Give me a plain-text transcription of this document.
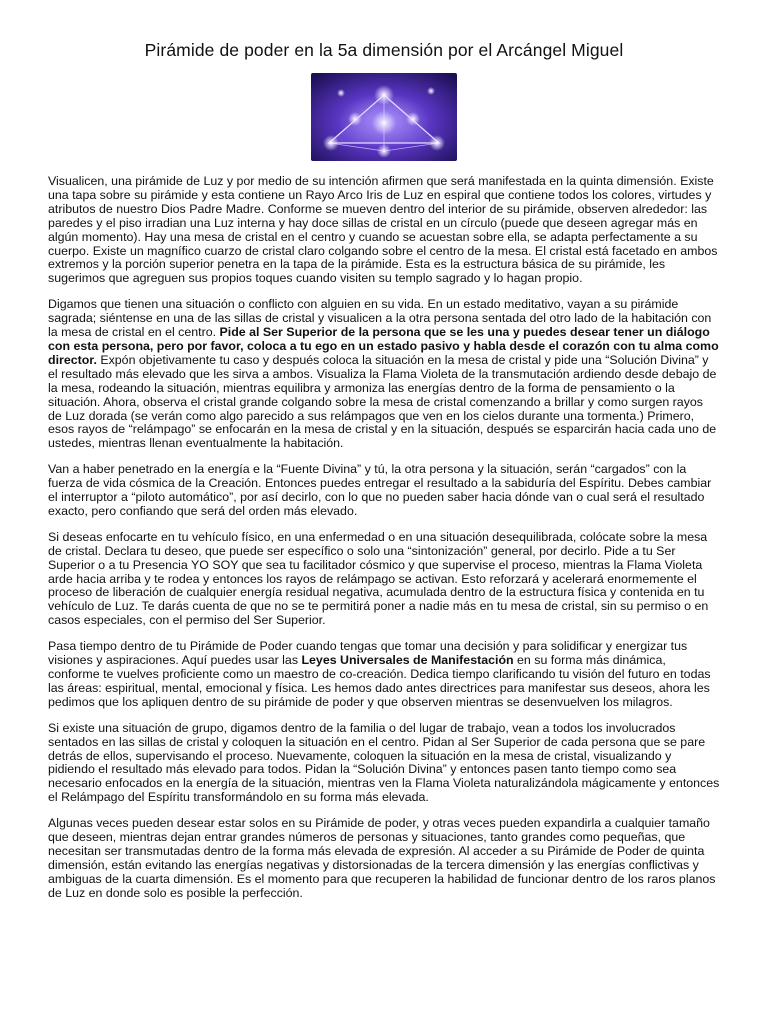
Pirámide de poder en la 5a dimensión por el Arcángel Miguel

Visualicen, una pirámide de Luz y por medio de su intención afirmen que será manifestada en la quinta dimensión. Existe una tapa sobre su pirámide y esta contiene un Rayo Arco Iris de Luz en espiral que contiene todos los colores, virtudes y atributos de nuestro Dios Padre Madre. Conforme se mueven dentro del interior de su pirámide, observen alrededor: las paredes y el piso irradian una Luz interna y hay doce sillas de cristal en un círculo (puede que deseen agregar más en algún momento). Hay una mesa de cristal en el centro y cuando se acuestan sobre ella, se adapta perfectamente a su cuerpo. Existe un magnífico cuarzo de cristal claro colgando sobre el centro de la mesa. El cristal está facetado en ambos extremos y la porción superior penetra en la tapa de la pirámide. Esta es la estructura básica de su pirámide, les sugerimos que agreguen sus propios toques cuando visiten su templo sagrado y lo hagan propio.

Digamos que tienen una situación o conflicto con alguien en su vida. En un estado meditativo, vayan a su pirámide sagrada; siéntense en una de las sillas de cristal y visualicen a la otra persona sentada del otro lado de la habitación con la mesa de cristal en el centro. Pide al Ser Superior de la persona que se les una y puedes desear tener un diálogo con esta persona, pero por favor, coloca a tu ego en un estado pasivo y habla desde el corazón con tu alma como director. Expón objetivamente tu caso y después coloca la situación en la mesa de cristal y pide una “Solución Divina” y el resultado más elevado que les sirva a ambos. Visualiza la Flama Violeta de la transmutación ardiendo desde debajo de la mesa, rodeando la situación, mientras equilibra y armoniza las energías dentro de la forma de pensamiento o la situación. Ahora, observa el cristal grande colgando sobre la mesa de cristal comenzando a brillar y como surgen rayos de Luz dorada (se verán como algo parecido a sus relámpagos que ven en los cielos durante una tormenta.) Primero, esos rayos de “relámpago” se enfocarán en la mesa de cristal y en la situación, después se esparcirán hacia cada uno de ustedes, mientras llenan eventualmente la habitación.

Van a haber penetrado en la energía e la “Fuente Divina” y tú, la otra persona y la situación, serán “cargados” con la fuerza de vida cósmica de la Creación. Entonces puedes entregar el resultado a la sabiduría del Espíritu. Debes cambiar el interruptor a “piloto automático”, por así decirlo, con lo que no pueden saber hacia dónde van o cual será el resultado exacto, pero confiando que será del orden más elevado.

Si deseas enfocarte en tu vehículo físico, en una enfermedad o en una situación desequilibrada, colócate sobre la mesa de cristal. Declara tu deseo, que puede ser específico o solo una “sintonización” general, por decirlo. Pide a tu Ser Superior o a tu Presencia YO SOY que sea tu facilitador cósmico y que supervise el proceso, mientras la Flama Violeta arde hacia arriba y te rodea y entonces los rayos de relámpago se activan. Esto reforzará y acelerará enormemente el proceso de liberación de cualquier energía residual negativa, acumulada dentro de la estructura física y contenida en tu vehículo de Luz. Te darás cuenta de que no se te permitirá poner a nadie más en tu mesa de cristal, sin su permiso o en casos especiales, con el permiso del Ser Superior.

Pasa tiempo dentro de tu Pirámide de Poder cuando tengas que tomar una decisión y para solidificar y energizar tus visiones y aspiraciones. Aquí puedes usar las Leyes Universales de Manifestación en su forma más dinámica, conforme te vuelves proficiente como un maestro de co-creación. Dedica tiempo clarificando tu visión del futuro en todas las áreas: espiritual, mental, emocional y física. Les hemos dado antes directrices para manifestar sus deseos, ahora les pedimos que los apliquen dentro de su pirámide de poder y que observen mientras se desenvuelven los milagros.

Si existe una situación de grupo, digamos dentro de la familia o del lugar de trabajo, vean a todos los involucrados sentados en las sillas de cristal y coloquen la situación en el centro. Pidan al Ser Superior de cada persona que se pare detrás de ellos, supervisando el proceso. Nuevamente, coloquen la situación en la mesa de cristal, visualizando y pidiendo el resultado más elevado para todos. Pidan la “Solución Divina” y entonces pasen tanto tiempo como sea necesario enfocados en la energía de la situación, mientras ven la Flama Violeta naturalizándola mágicamente y entonces el Relámpago del Espíritu transformándolo en su forma más elevada.

Algunas veces pueden desear estar solos en su Pirámide de poder, y otras veces pueden expandirla a cualquier tamaño que deseen, mientras dejan entrar grandes números de personas y situaciones, tanto grandes como pequeñas, que necesitan ser transmutadas dentro de la forma más elevada de expresión. Al acceder a su Pirámide de Poder de quinta dimensión, están evitando las energías negativas y distorsionadas de la tercera dimensión y las energías conflictivas y ambiguas de la cuarta dimensión. Es el momento para que recuperen la habilidad de funcionar dentro de los raros planos de Luz en donde solo es posible la perfección.
